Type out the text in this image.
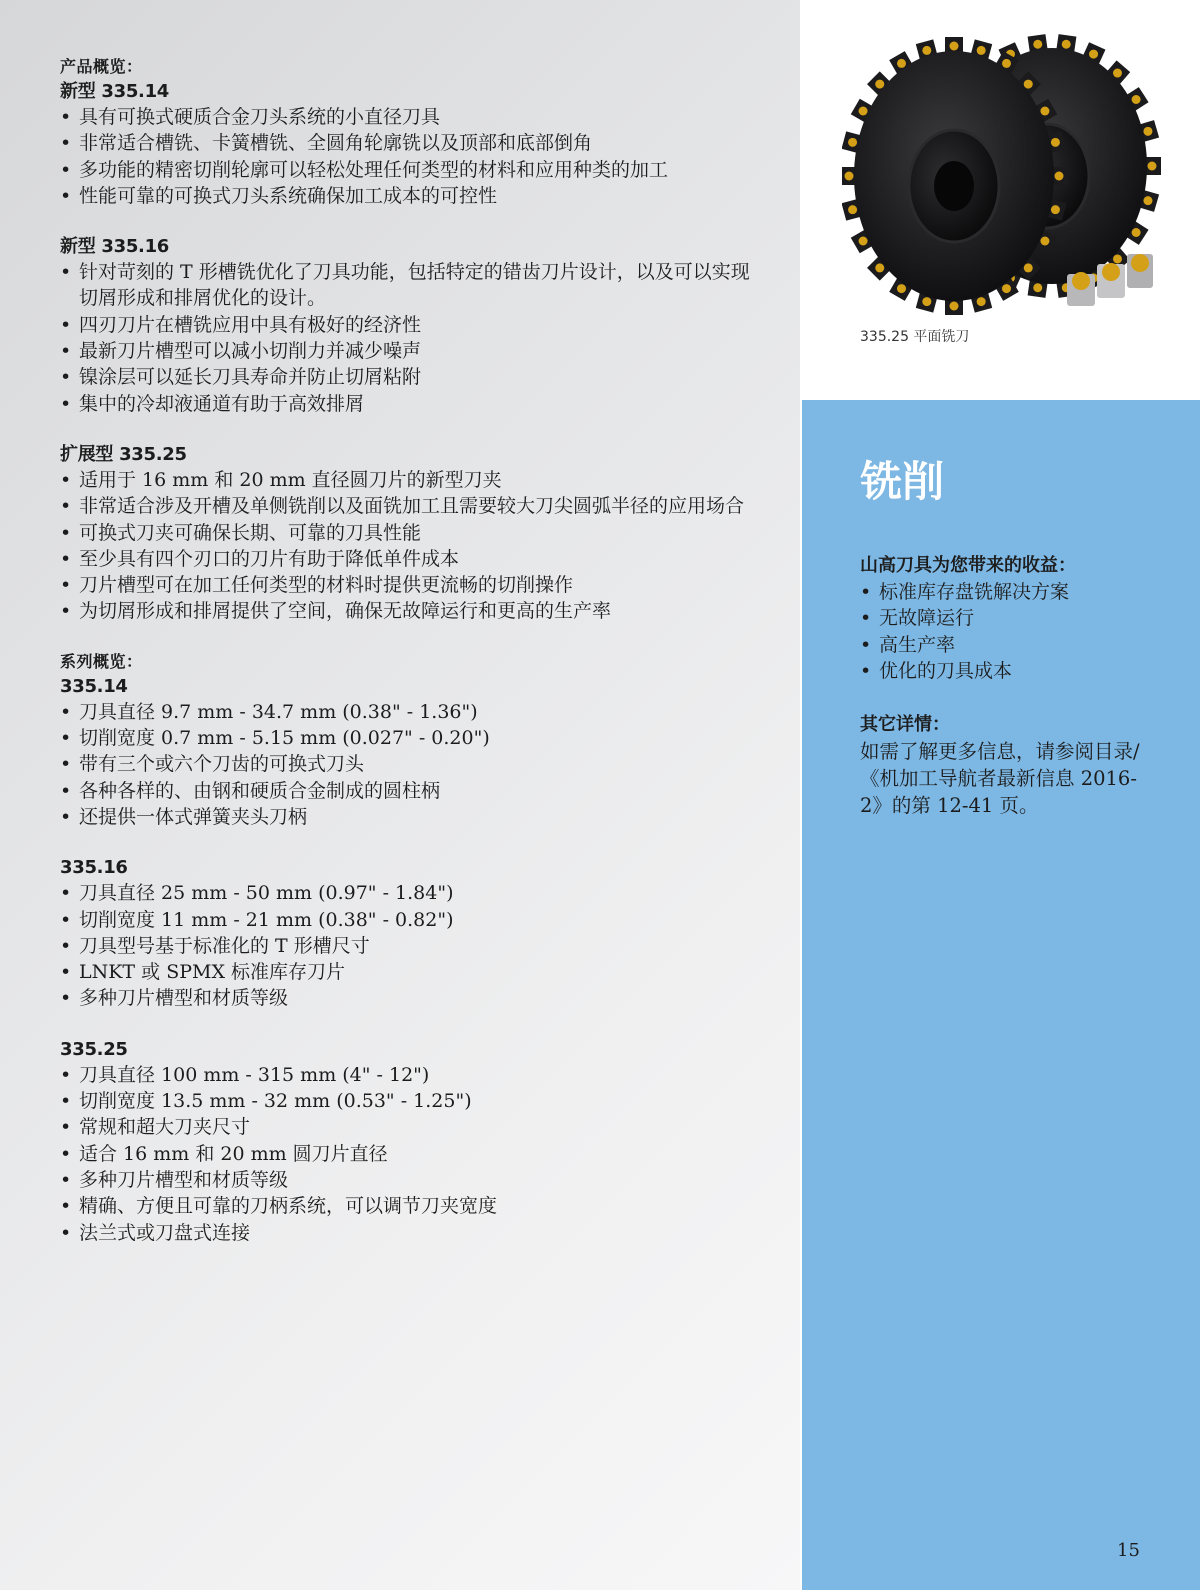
产品概览：
新型 335.14
• 具有可换式硬质合金刀头系统的小直径刀具
• 非常适合槽铣、卡簧槽铣、全圆角轮廓铣以及顶部和底部倒角
• 多功能的精密切削轮廓可以轻松处理任何类型的材料和应用种类的加工
• 性能可靠的可换式刀头系统确保加工成本的可控性
新型 335.16
• 针对苛刻的 T 形槽铣优化了刀具功能，包括特定的错齿刀片设计，以及可以实现切屑形成和排屑优化的设计。
• 四刃刀片在槽铣应用中具有极好的经济性
• 最新刀片槽型可以减小切削力并减少噪声
• 镍涂层可以延长刀具寿命并防止切屑粘附
• 集中的冷却液通道有助于高效排屑
扩展型 335.25
• 适用于 16 mm 和 20 mm 直径圆刀片的新型刀夹
• 非常适合涉及开槽及单侧铣削以及面铣加工且需要较大刀尖圆弧半径的应用场合
• 可换式刀夹可确保长期、可靠的刀具性能
• 至少具有四个刃口的刀片有助于降低单件成本
• 刀片槽型可在加工任何类型的材料时提供更流畅的切削操作
• 为切屑形成和排屑提供了空间，确保无故障运行和更高的生产率
系列概览：
335.14
• 刀具直径 9.7 mm - 34.7 mm (0.38" - 1.36")
• 切削宽度 0.7 mm - 5.15 mm (0.027" - 0.20")
• 带有三个或六个刀齿的可换式刀头
• 各种各样的、由钢和硬质合金制成的圆柱柄
• 还提供一体式弹簧夹头刀柄
335.16
• 刀具直径 25 mm - 50 mm (0.97" - 1.84")
• 切削宽度 11 mm - 21 mm (0.38" - 0.82")
• 刀具型号基于标准化的 T 形槽尺寸
• LNKT 或 SPMX 标准库存刀片
• 多种刀片槽型和材质等级
335.25
• 刀具直径 100 mm - 315 mm (4" - 12")
• 切削宽度 13.5 mm - 32 mm (0.53" - 1.25")
• 常规和超大刀夹尺寸
• 适合 16 mm 和 20 mm 圆刀片直径
• 多种刀片槽型和材质等级
• 精确、方便且可靠的刀柄系统，可以调节刀夹宽度
• 法兰式或刀盘式连接
335.25 平面铣刀
铣削
山高刀具为您带来的收益：
• 标准库存盘铣解决方案
• 无故障运行
• 高生产率
• 优化的刀具成本
其它详情：
如需了解更多信息，请参阅目录/《机加工导航者最新信息 2016-2》的第 12-41 页。
15
